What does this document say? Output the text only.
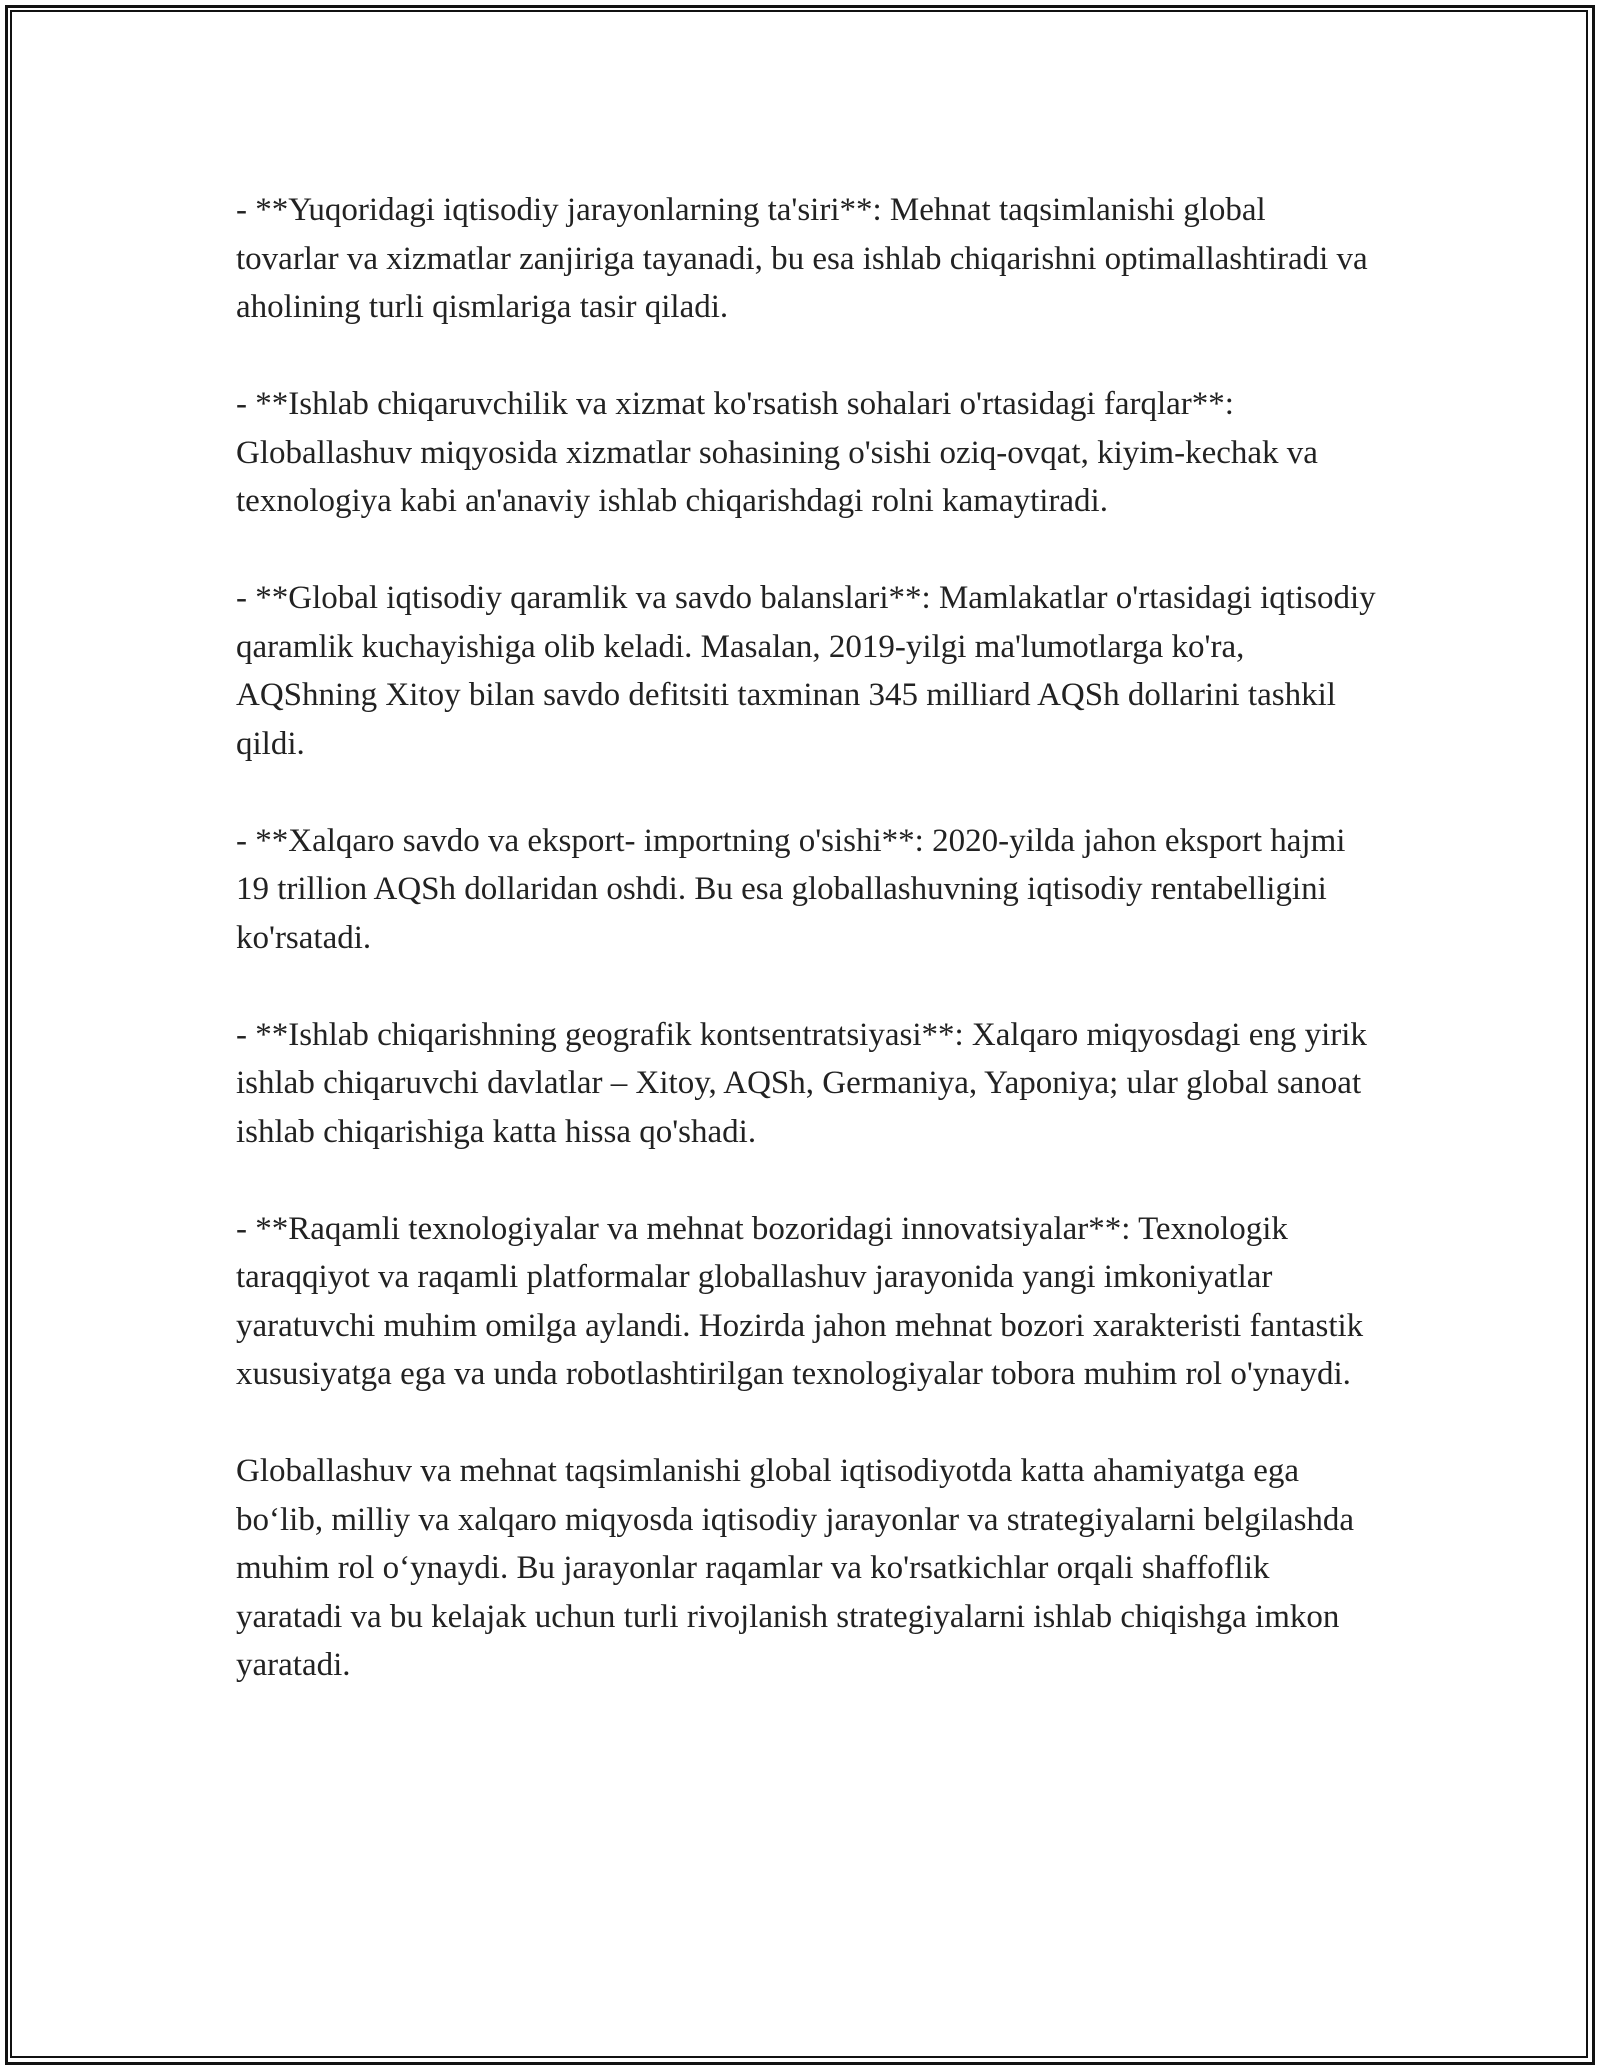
- **Yuqoridagi iqtisodiy jarayonlarning ta'siri**: Mehnat taqsimlanishi global tovarlar va xizmatlar zanjiriga tayanadi, bu esa ishlab chiqarishni optimallashtiradi va aholining turli qismlariga tasir qiladi.

- **Ishlab chiqaruvchilik va xizmat ko'rsatish sohalari o'rtasidagi farqlar**: Globallashuv miqyosida xizmatlar sohasining o'sishi oziq-ovqat, kiyim-kechak va texnologiya kabi an'anaviy ishlab chiqarishdagi rolni kamaytiradi.

- **Global iqtisodiy qaramlik va savdo balanslari**: Mamlakatlar o'rtasidagi iqtisodiy qaramlik kuchayishiga olib keladi. Masalan, 2019-yilgi ma'lumotlarga ko'ra, AQShning Xitoy bilan savdo defitsiti taxminan 345 milliard AQSh dollarini tashkil qildi.

- **Xalqaro savdo va eksport- importning o'sishi**: 2020-yilda jahon eksport hajmi 19 trillion AQSh dollaridan oshdi. Bu esa globallashuvning iqtisodiy rentabelligini ko'rsatadi.

- **Ishlab chiqarishning geografik kontsentratsiyasi**: Xalqaro miqyosdagi eng yirik ishlab chiqaruvchi davlatlar – Xitoy, AQSh, Germaniya, Yaponiya; ular global sanoat ishlab chiqarishiga katta hissa qo'shadi.

- **Raqamli texnologiyalar va mehnat bozoridagi innovatsiyalar**: Texnologik taraqqiyot va raqamli platformalar globallashuv jarayonida yangi imkoniyatlar yaratuvchi muhim omilga aylandi. Hozirda jahon mehnat bozori xarakteristi fantastik xususiyatga ega va unda robotlashtirilgan texnologiyalar tobora muhim rol o'ynaydi.

Globallashuv va mehnat taqsimlanishi global iqtisodiyotda katta ahamiyatga ega bo‘lib, milliy va xalqaro miqyosda iqtisodiy jarayonlar va strategiyalarni belgilashda muhim rol o‘ynaydi. Bu jarayonlar raqamlar va ko'rsatkichlar orqali shaffoflik yaratadi va bu kelajak uchun turli rivojlanish strategiyalarni ishlab chiqishga imkon yaratadi.
